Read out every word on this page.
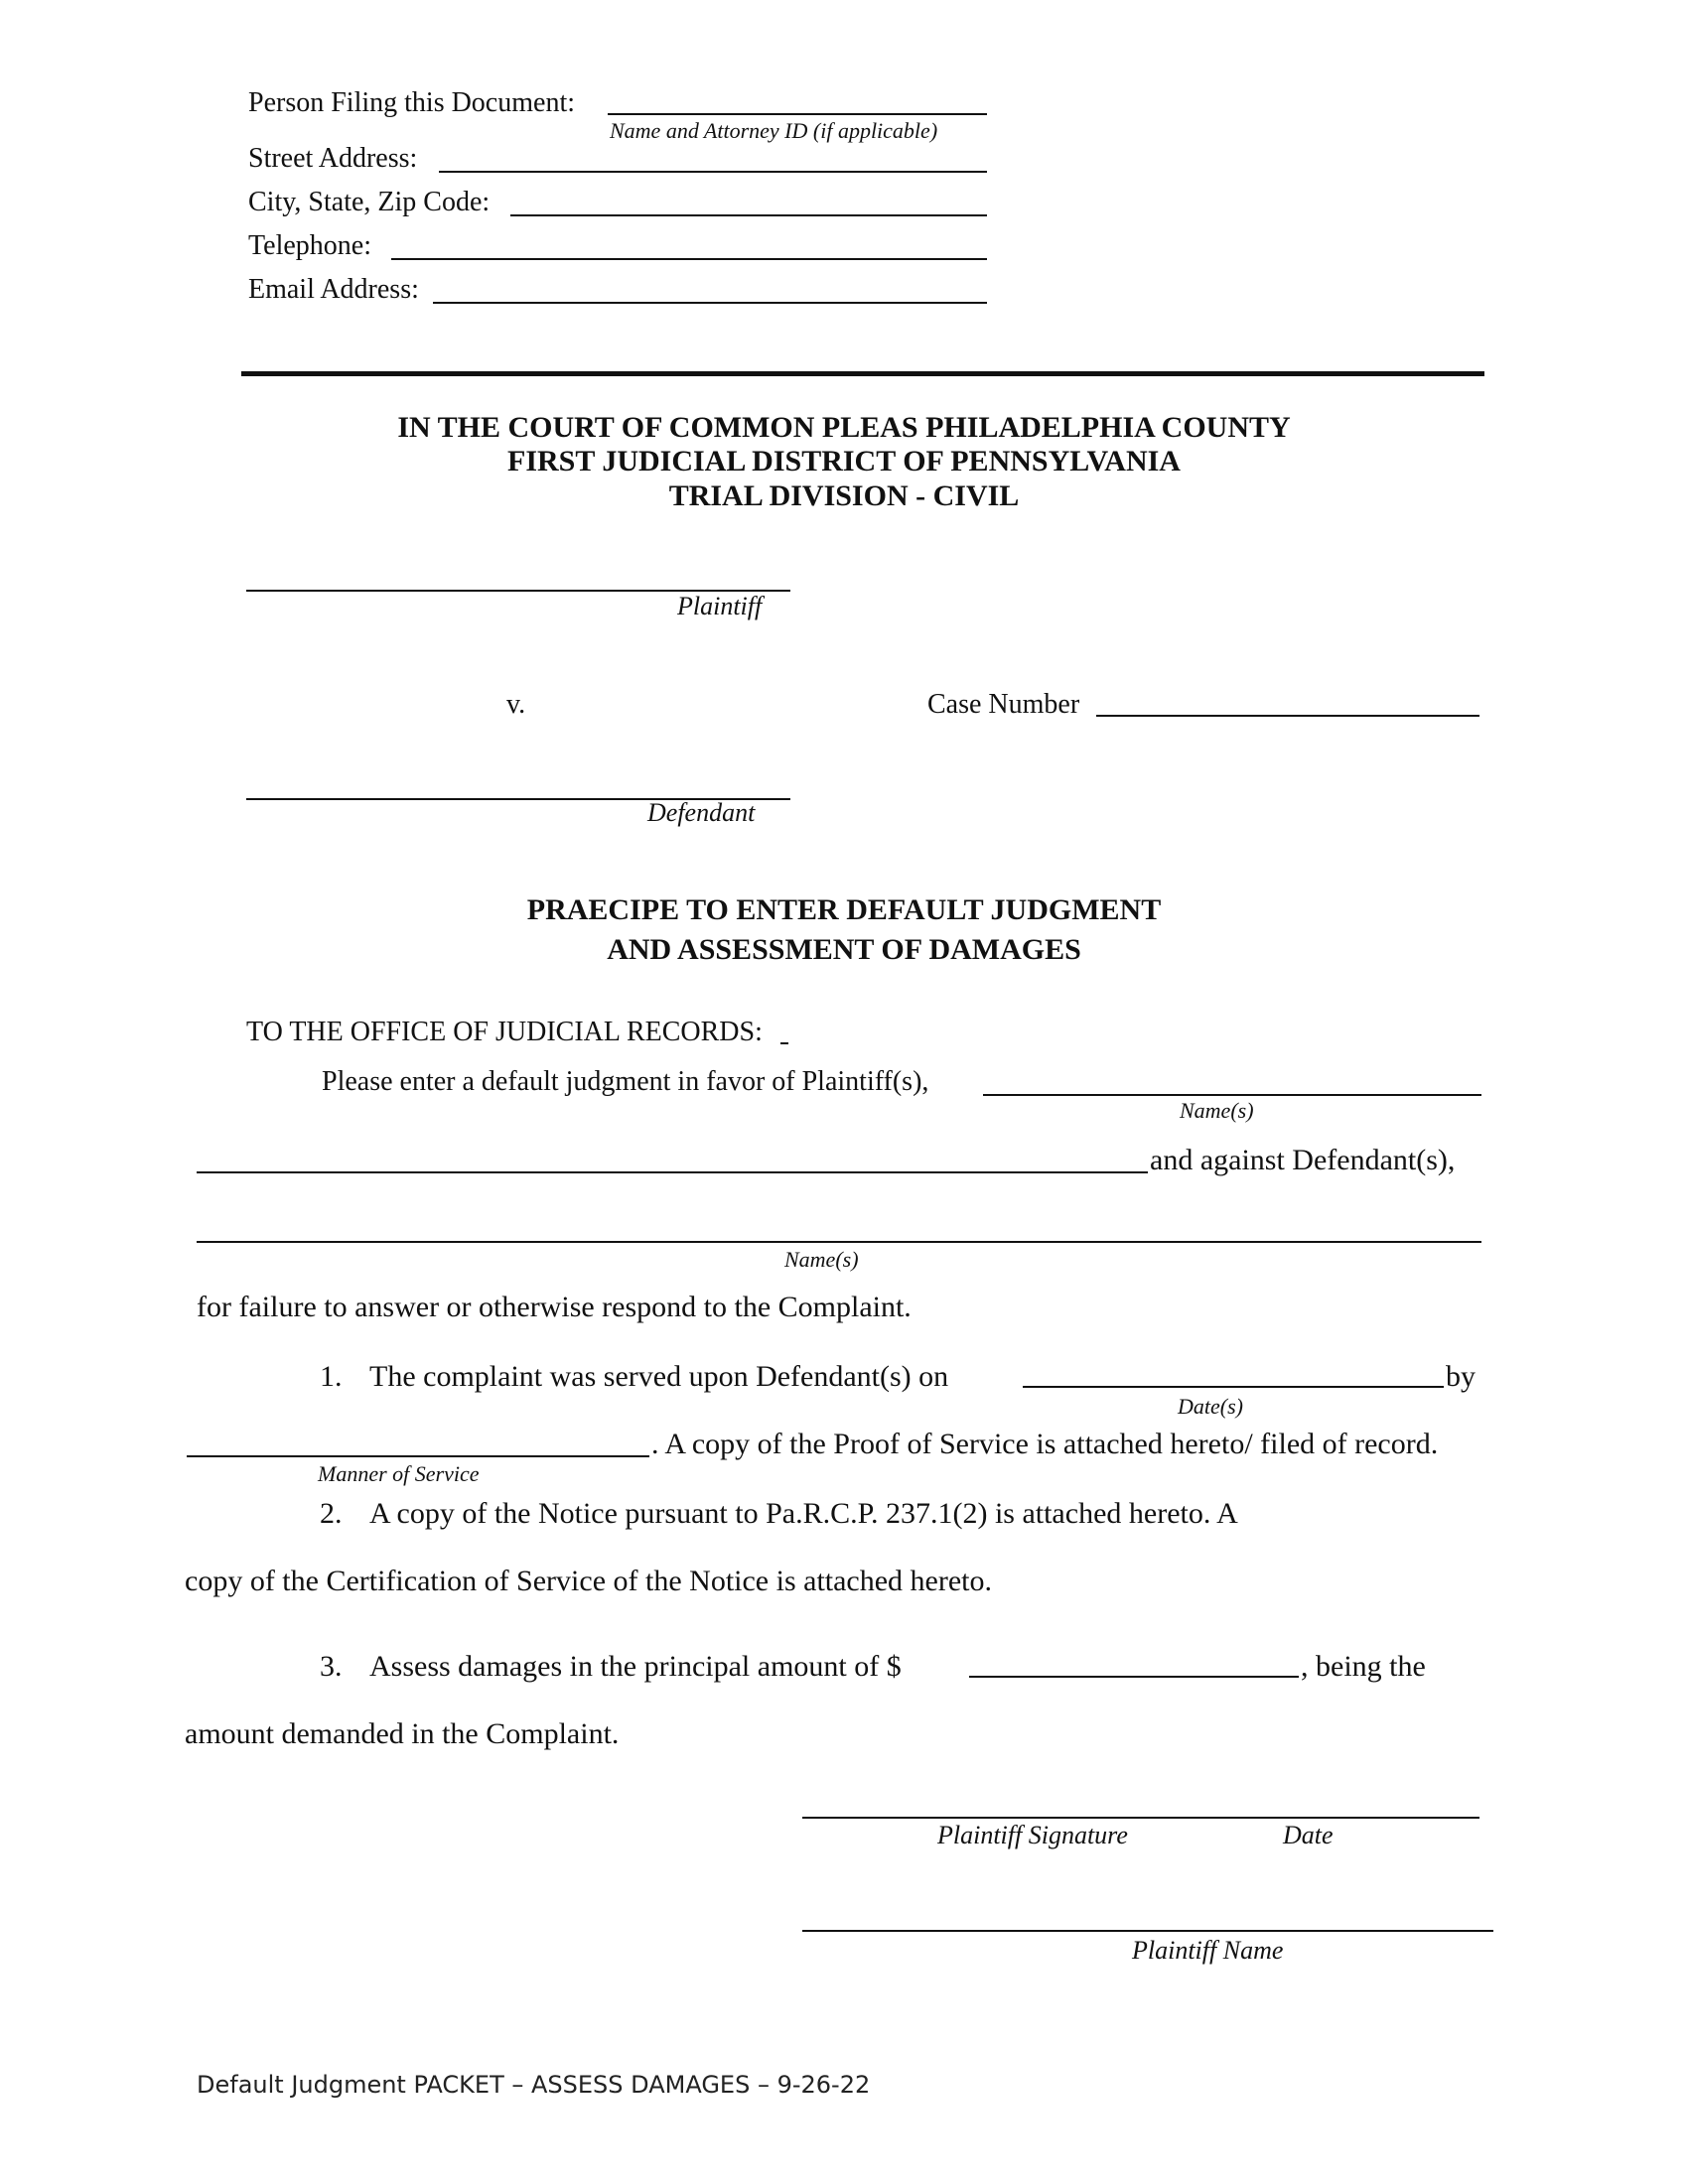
Person Filing this Document:
Name and Attorney ID (if applicable)
Street Address:
City, State, Zip Code:
Telephone:
Email Address:
IN THE COURT OF COMMON PLEAS PHILADELPHIA COUNTY
FIRST JUDICIAL DISTRICT OF PENNSYLVANIA
TRIAL DIVISION - CIVIL
Plaintiff
v.	Case Number
Defendant
PRAECIPE TO ENTER DEFAULT JUDGMENT
AND ASSESSMENT OF DAMAGES
TO THE OFFICE OF JUDICIAL RECORDS:
Please enter a default judgment in favor of Plaintiff(s),
Name(s)
and against Defendant(s),
Name(s)
for failure to answer or otherwise respond to the Complaint.
1. The complaint was served upon Defendant(s) on	by
Date(s)
. A copy of the Proof of Service is attached hereto/ filed of record.
Manner of Service
2. A copy of the Notice pursuant to Pa.R.C.P. 237.1(2) is attached hereto. A
copy of the Certification of Service of the Notice is attached hereto.
3. Assess damages in the principal amount of $	, being the
amount demanded in the Complaint.
Plaintiff Signature	Date
Plaintiff Name
Default Judgment PACKET – ASSESS DAMAGES – 9-26-22
